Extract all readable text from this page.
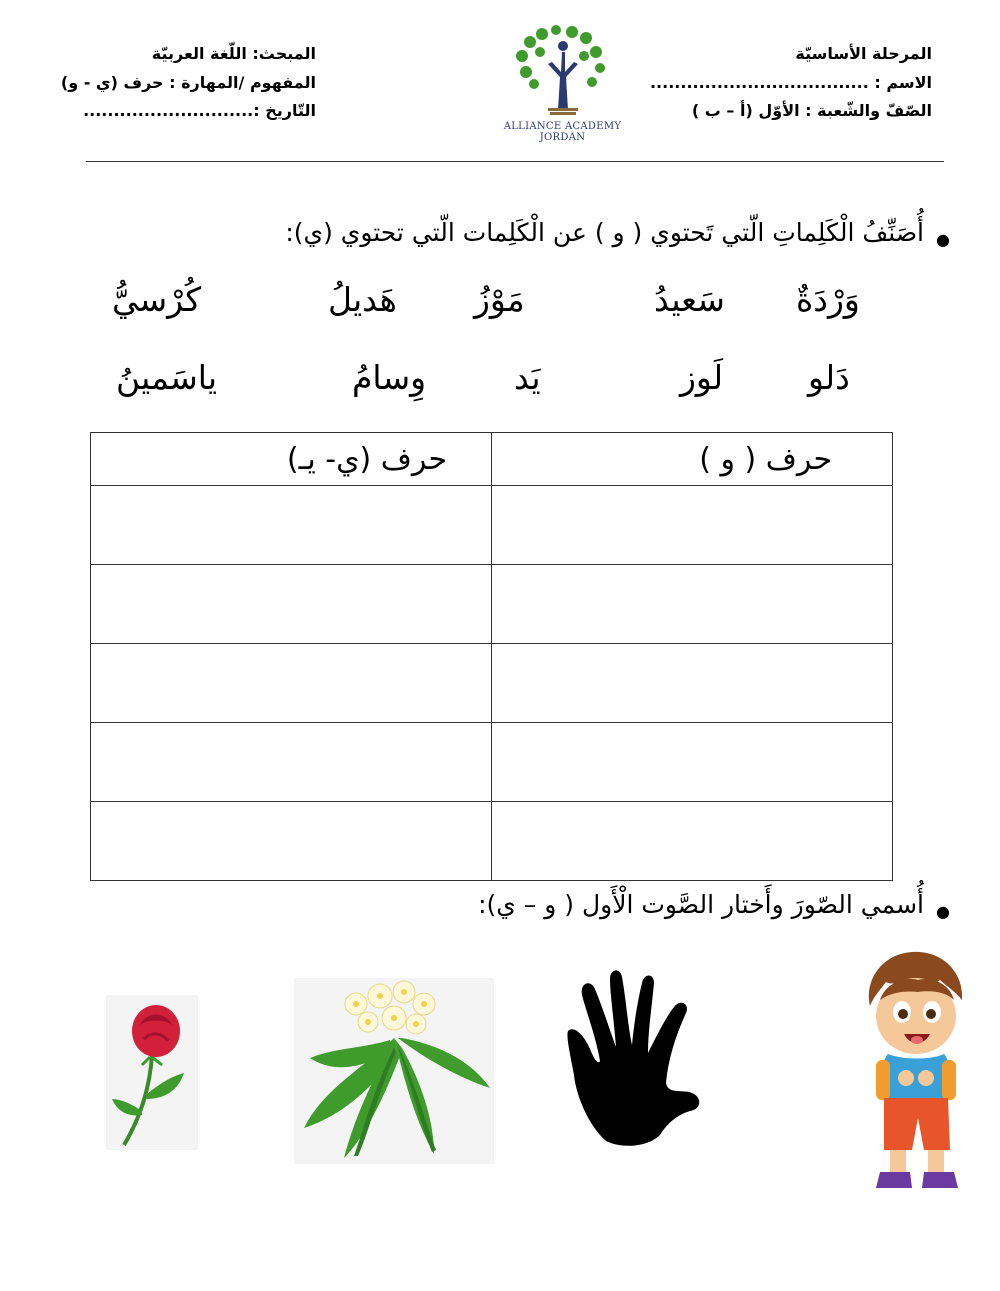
المرحلة الأساسيّة
الاسم : ....................................
الصّفّ والشّعبة : الأوّل (أ – ب )
المبحث: اللّغة العربيّة
المفهوم /المهارة : حرف (ي - و)
التّاريخ :............................
ALLIANCE ACADEMY
JORDAN
●
أُصَنِّفُ الْكَلِماتِ الّتي تَحتوي ( و ) عن الْكَلِمات الّتي تحتوي (ي):
وَرْدَةٌ
سَعيدُ
مَوْزُ
هَديلُ
كُرْسيُّ
دَلو
لَوز
يَد
وِسامُ
ياسَمينُ
حرف (ي- يـ)	حرف ( و )

●
أُسمي الصّورَ وأَختار الصَّوت الْأَول ( و – ي):
